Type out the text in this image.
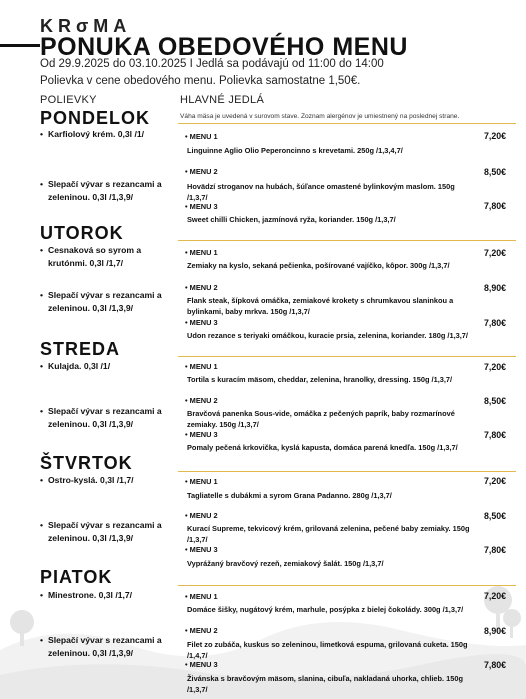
KRσMA
PONUKA OBEDOVÉHO MENU
Od 29.9.2025 do 03.10.2025 I Jedlá sa podávajú od 11:00 do 14:00
Polievka v cene obedového menu. Polievka samostatne 1,50€.
POLIEVKY	HLAVNÉ JEDLÁ
Váha mäsa je uvedená v surovom stave. Zoznam alergénov je umiestnený na poslednej strane.
PONDELOK
• Karfiolový krém. 0,3l /1/
• Slepačí vývar s rezancami a zeleninou. 0,3l /1,3,9/
• MENU 1	7,20€
Linguinne Aglio Olio Peperoncinno s krevetami. 250g /1,3,4,7/
• MENU 2	8,50€
Hovädzí stroganov na hubách, šúľance omastené bylinkovým maslom. 150g /1,3,7/
• MENU 3	7,80€
Sweet chilli Chicken, jazmínová ryža, koriander. 150g /1,3,7/
UTOROK
• Cesnaková so syrom a krutónmi. 0,3l /1,7/
• Slepačí vývar s rezancami a zeleninou. 0,3l /1,3,9/
• MENU 1	7,20€
Zemiaky na kyslo, sekaná pečienka, pošírované vajíčko, kôpor. 300g /1,3,7/
• MENU 2	8,90€
Flank steak, šípková omáčka, zemiakové krokety s chrumkavou slaninkou a bylinkami, baby mrkva. 150g /1,3,7/
• MENU 3	7,80€
Udon rezance s teriyaki omáčkou, kuracie prsia, zelenina, koriander. 180g /1,3,7/
STREDA
• Kulajda. 0,3l /1/
• Slepačí vývar s rezancami a zeleninou. 0,3l /1,3,9/
• MENU 1	7,20€
Tortila s kuracím mäsom, cheddar, zelenina, hranolky, dressing. 150g /1,3,7/
• MENU 2	8,50€
Bravčová panenka Sous-vide, omáčka z pečených paprík, baby rozmarínové zemiaky. 150g /1,3,7/
• MENU 3	7,80€
Pomaly pečená krkovička, kyslá kapusta, domáca parená knedľa. 150g /1,3,7/
ŠTVRTOK
• Ostro-kyslá. 0,3l /1,7/
• Slepačí vývar s rezancami a zeleninou. 0,3l /1,3,9/
• MENU 1	7,20€
Tagliatelle s dubákmi a syrom Grana Padanno. 280g /1,3,7/
• MENU 2	8,50€
Kurací Supreme, tekvicový krém, grilovaná zelenina, pečené baby zemiaky. 150g /1,3,7/
• MENU 3	7,80€
Vyprážaný bravčový rezeň, zemiakový šalát. 150g /1,3,7/
PIATOK
• Minestrone. 0,3l /1,7/
• Slepačí vývar s rezancami a zeleninou. 0,3l /1,3,9/
• MENU 1	7,20€
Domáce šišky, nugátový krém, marhule, posýpka z bielej čokolády. 300g /1,3,7/
• MENU 2	8,90€
Filet zo zubáča, kuskus so zeleninou, limetková espuma, grilovaná cuketa. 150g /1,4,7/
• MENU 3	7,80€
Živánska s bravčovým mäsom, slanina, cibuľa, nakladaná uhorka, chlieb. 150g /1,3,7/
